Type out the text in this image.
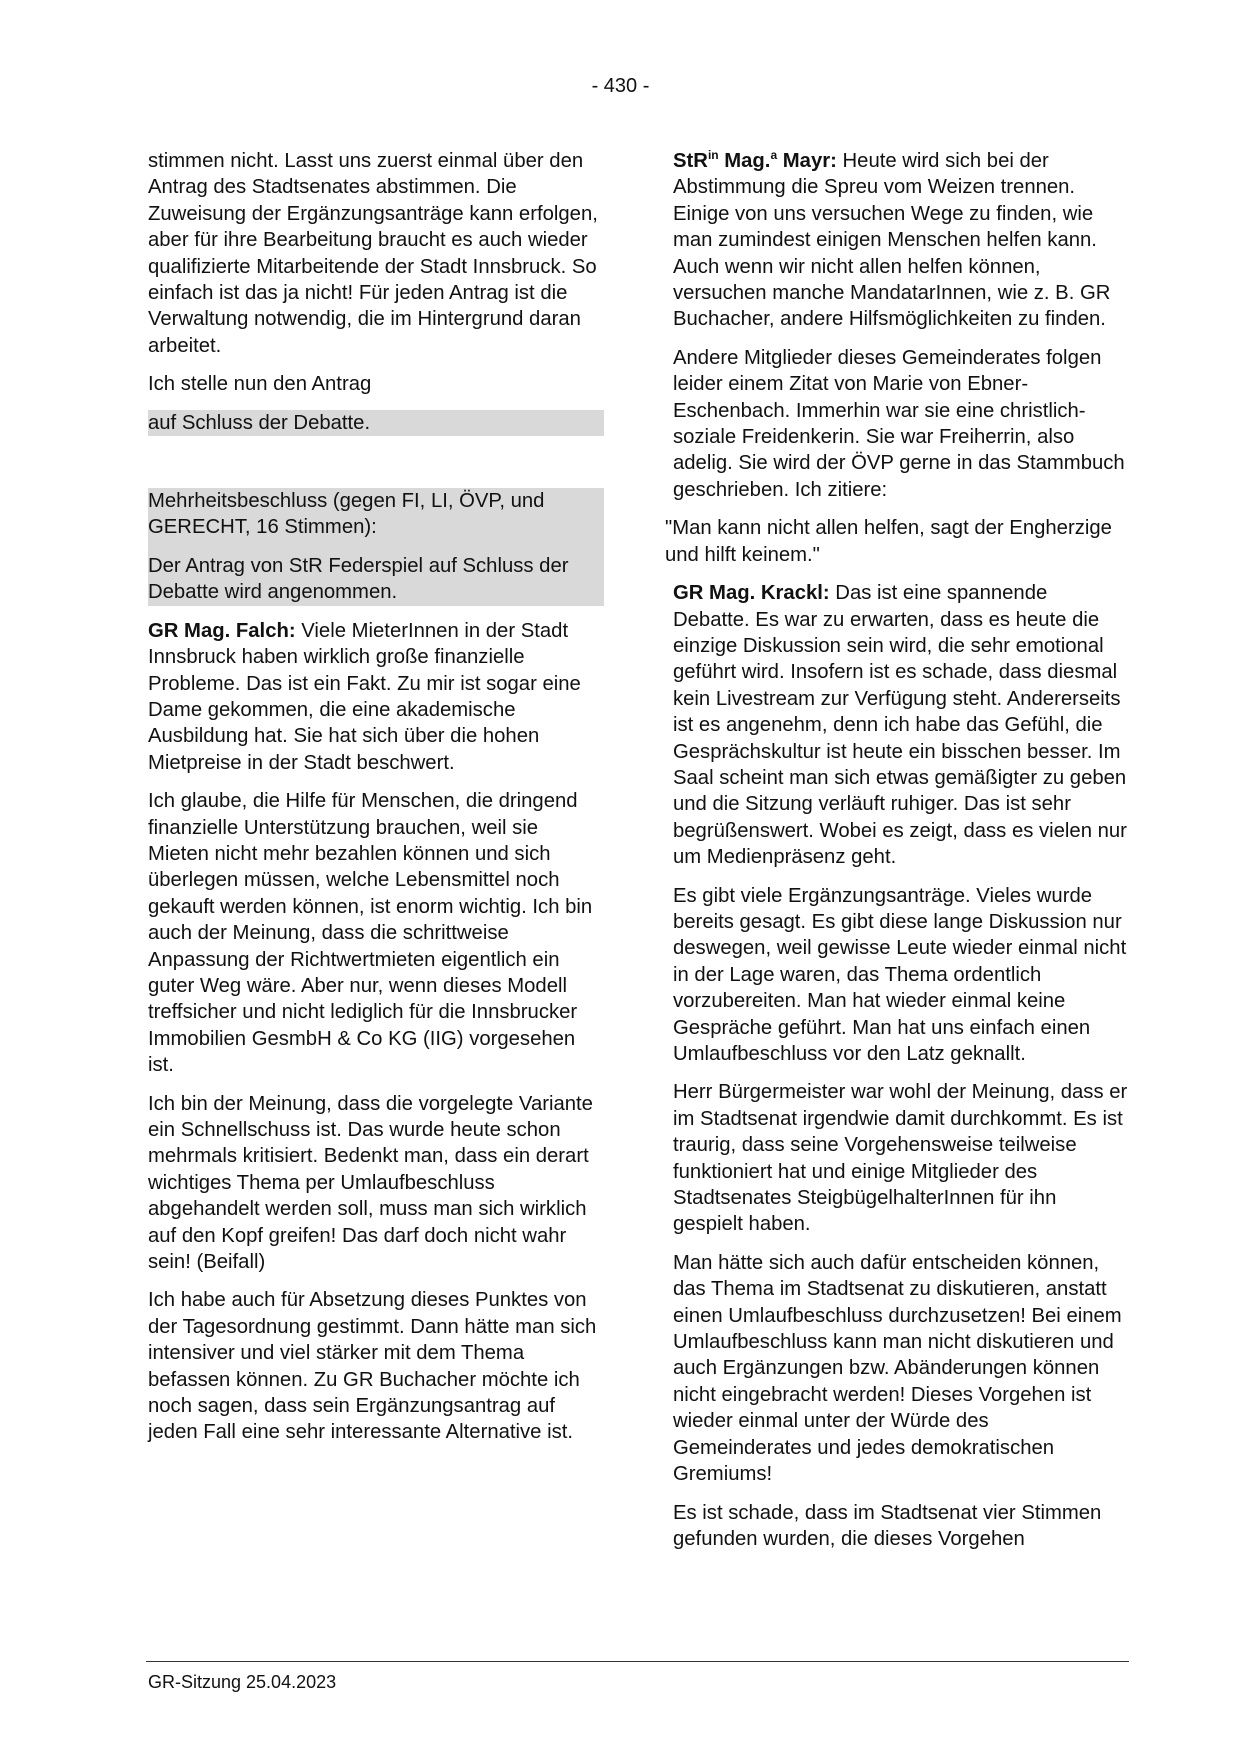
- 430 -

stimmen nicht. Lasst uns zuerst einmal über den Antrag des Stadtsenates abstimmen. Die Zuweisung der Ergänzungsanträge kann erfolgen, aber für ihre Bearbeitung braucht es auch wieder qualifizierte Mitarbeitende der Stadt Innsbruck. So einfach ist das ja nicht! Für jeden Antrag ist die Verwaltung notwendig, die im Hintergrund daran arbeitet.

Ich stelle nun den Antrag

auf Schluss der Debatte.

Mehrheitsbeschluss (gegen FI, LI, ÖVP, und GERECHT, 16 Stimmen):

Der Antrag von StR Federspiel auf Schluss der Debatte wird angenommen.

GR Mag. Falch: Viele MieterInnen in der Stadt Innsbruck haben wirklich große finanzielle Probleme. Das ist ein Fakt. Zu mir ist sogar eine Dame gekommen, die eine akademische Ausbildung hat. Sie hat sich über die hohen Mietpreise in der Stadt beschwert.

Ich glaube, die Hilfe für Menschen, die dringend finanzielle Unterstützung brauchen, weil sie Mieten nicht mehr bezahlen können und sich überlegen müssen, welche Lebensmittel noch gekauft werden können, ist enorm wichtig. Ich bin auch der Meinung, dass die schrittweise Anpassung der Richtwertmieten eigentlich ein guter Weg wäre. Aber nur, wenn dieses Modell treffsicher und nicht lediglich für die Innsbrucker Immobilien GesmbH & Co KG (IIG) vorgesehen ist.

Ich bin der Meinung, dass die vorgelegte Variante ein Schnellschuss ist. Das wurde heute schon mehrmals kritisiert. Bedenkt man, dass ein derart wichtiges Thema per Umlaufbeschluss abgehandelt werden soll, muss man sich wirklich auf den Kopf greifen! Das darf doch nicht wahr sein! (Beifall)

Ich habe auch für Absetzung dieses Punktes von der Tagesordnung gestimmt. Dann hätte man sich intensiver und viel stärker mit dem Thema befassen können. Zu GR Buchacher möchte ich noch sagen, dass sein Ergänzungsantrag auf jeden Fall eine sehr interessante Alternative ist.

StR$^{in}$ Mag.$^a$ Mayr: Heute wird sich bei der Abstimmung die Spreu vom Weizen trennen. Einige von uns versuchen Wege zu finden, wie man zumindest einigen Menschen helfen kann. Auch wenn wir nicht allen helfen können, versuchen manche MandatarInnen, wie z. B. GR Buchacher, andere Hilfsmöglichkeiten zu finden.

Andere Mitglieder dieses Gemeinderates folgen leider einem Zitat von Marie von Ebner-Eschenbach. Immerhin war sie eine christlich-soziale Freidenkerin. Sie war Freiherrin, also adelig. Sie wird der ÖVP gerne in das Stammbuch geschrieben. Ich zitiere:

"Man kann nicht allen helfen, sagt der Engherzige und hilft keinem."

GR Mag. Krackl: Das ist eine spannende Debatte. Es war zu erwarten, dass es heute die einzige Diskussion sein wird, die sehr emotional geführt wird. Insofern ist es schade, dass diesmal kein Livestream zur Verfügung steht. Andererseits ist es angenehm, denn ich habe das Gefühl, die Gesprächskultur ist heute ein bisschen besser. Im Saal scheint man sich etwas gemäßigter zu geben und die Sitzung verläuft ruhiger. Das ist sehr begrüßenswert. Wobei es zeigt, dass es vielen nur um Medienpräsenz geht.

Es gibt viele Ergänzungsanträge. Vieles wurde bereits gesagt. Es gibt diese lange Diskussion nur deswegen, weil gewisse Leute wieder einmal nicht in der Lage waren, das Thema ordentlich vorzubereiten. Man hat wieder einmal keine Gespräche geführt. Man hat uns einfach einen Umlaufbeschluss vor den Latz geknallt.

Herr Bürgermeister war wohl der Meinung, dass er im Stadtsenat irgendwie damit durchkommt. Es ist traurig, dass seine Vorgehensweise teilweise funktioniert hat und einige Mitglieder des Stadtsenates SteigbügelhalterInnen für ihn gespielt haben.

Man hätte sich auch dafür entscheiden können, das Thema im Stadtsenat zu diskutieren, anstatt einen Umlaufbeschluss durchzusetzen! Bei einem Umlaufbeschluss kann man nicht diskutieren und auch Ergänzungen bzw. Abänderungen können nicht eingebracht werden! Dieses Vorgehen ist wieder einmal unter der Würde des Gemeinderates und jedes demokratischen Gremiums!

Es ist schade, dass im Stadtsenat vier Stimmen gefunden wurden, die dieses Vorgehen

GR-Sitzung 25.04.2023
